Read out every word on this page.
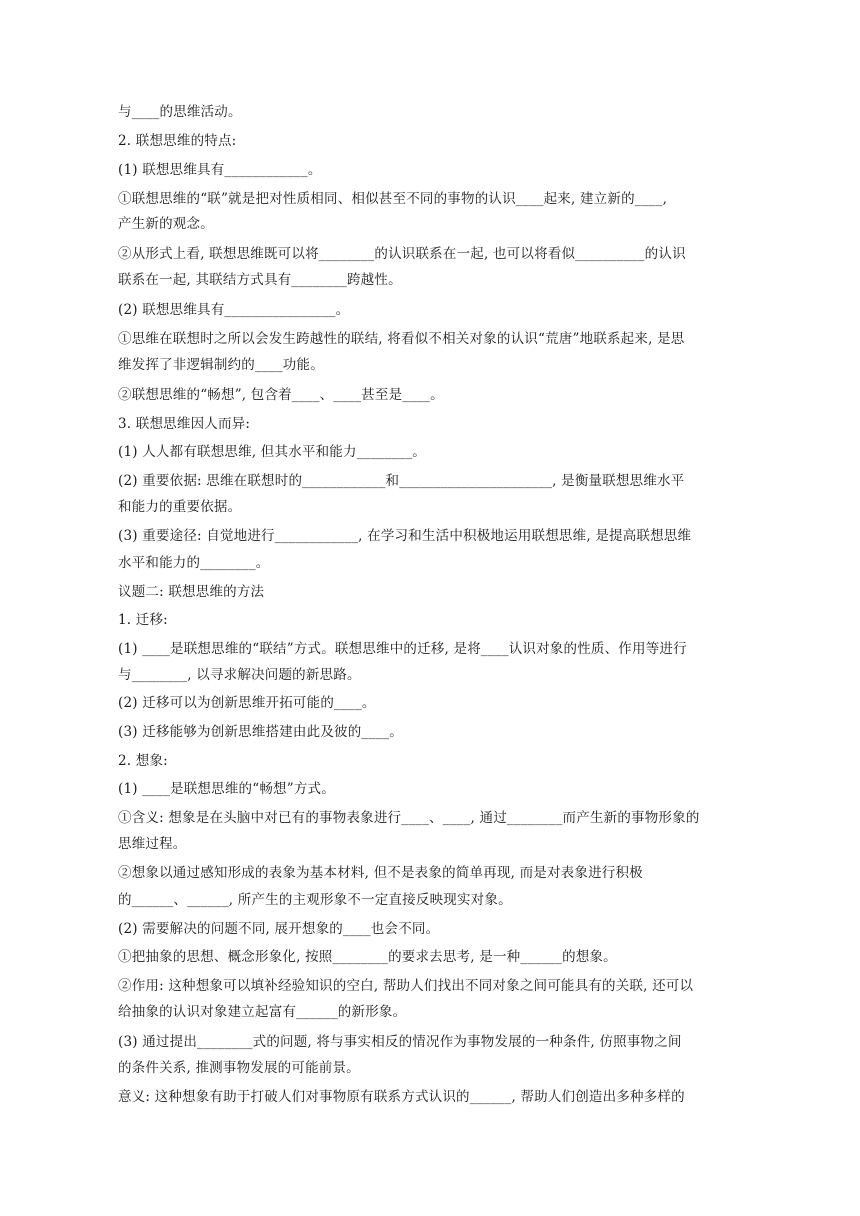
与____的思维活动。
2. 联想思维的特点:
(1) 联想思维具有____________。
①联想思维的“联”就是把对性质相同、相似甚至不同的事物的认识____起来, 建立新的____,
产生新的观念。
②从形式上看, 联想思维既可以将________的认识联系在一起, 也可以将看似__________的认识
联系在一起, 其联结方式具有________跨越性。
(2) 联想思维具有________________。
①思维在联想时之所以会发生跨越性的联结, 将看似不相关对象的认识“荒唐”地联系起来, 是思
维发挥了非逻辑制约的____功能。
②联想思维的“畅想”, 包含着____、____甚至是____。
3. 联想思维因人而异:
(1) 人人都有联想思维, 但其水平和能力________。
(2) 重要依据: 思维在联想时的____________和______________________, 是衡量联想思维水平
和能力的重要依据。
(3) 重要途径: 自觉地进行____________, 在学习和生活中积极地运用联想思维, 是提高联想思维
水平和能力的________。
议题二: 联想思维的方法
1. 迁移:
(1) ____是联想思维的“联结”方式。联想思维中的迁移, 是将____认识对象的性质、作用等进行
与________, 以寻求解决问题的新思路。
(2) 迁移可以为创新思维开拓可能的____。
(3) 迁移能够为创新思维搭建由此及彼的____。
2. 想象:
(1) ____是联想思维的“畅想”方式。
①含义: 想象是在头脑中对已有的事物表象进行____、____, 通过________而产生新的事物形象的
思维过程。
②想象以通过感知形成的表象为基本材料, 但不是表象的简单再现, 而是对表象进行积极
的______、______, 所产生的主观形象不一定直接反映现实对象。
(2) 需要解决的问题不同, 展开想象的____也会不同。
①把抽象的思想、概念形象化, 按照________的要求去思考, 是一种______的想象。
②作用: 这种想象可以填补经验知识的空白, 帮助人们找出不同对象之间可能具有的关联, 还可以
给抽象的认识对象建立起富有______的新形象。
(3) 通过提出________式的问题, 将与事实相反的情况作为事物发展的一种条件, 仿照事物之间
的条件关系, 推测事物发展的可能前景。
意义: 这种想象有助于打破人们对事物原有联系方式认识的______, 帮助人们创造出多种多样的
